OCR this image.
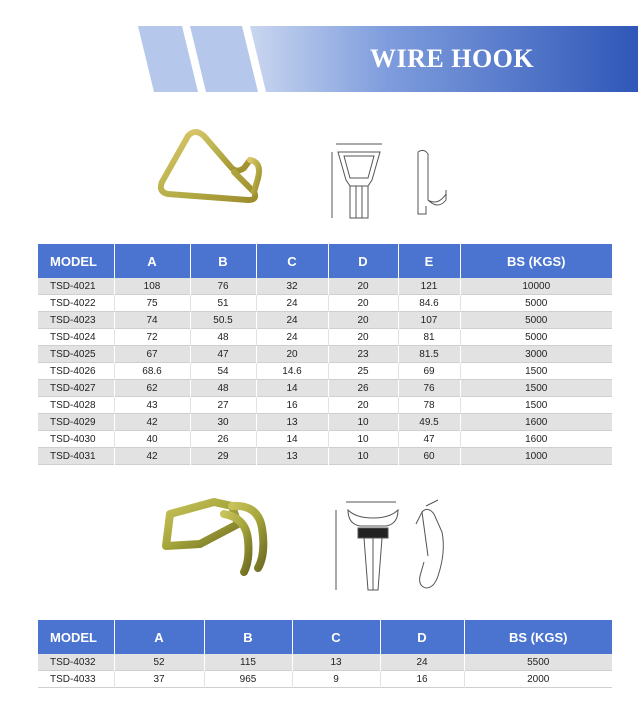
WIRE HOOK
MODEL	A	B	C	D	E	BS (KGS)
TSD-4021	108	76	32	20	121	10000
TSD-4022	75	51	24	20	84.6	5000
TSD-4023	74	50.5	24	20	107	5000
TSD-4024	72	48	24	20	81	5000
TSD-4025	67	47	20	23	81.5	3000
TSD-4026	68.6	54	14.6	25	69	1500
TSD-4027	62	48	14	26	76	1500
TSD-4028	43	27	16	20	78	1500
TSD-4029	42	30	13	10	49.5	1600
TSD-4030	40	26	14	10	47	1600
TSD-4031	42	29	13	10	60	1000
MODEL	A	B	C	D	BS (KGS)
TSD-4032	52	115	13	24	5500
TSD-4033	37	965	9	16	2000
